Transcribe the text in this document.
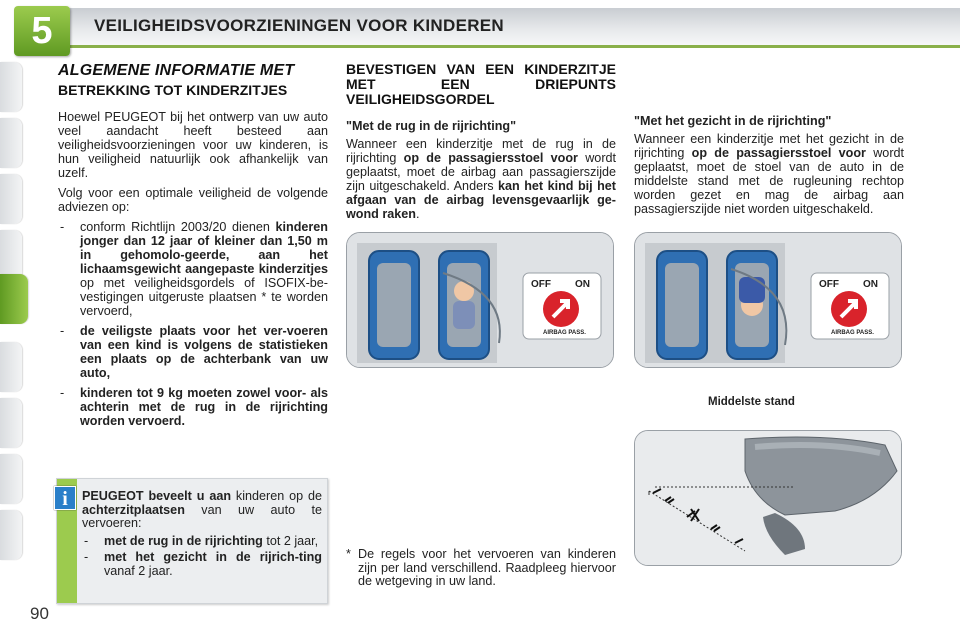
5	VEILIGHEIDSVOORZIENINGEN VOOR KINDEREN
ALGEMENE INFORMATIE MET
BETREKKING TOT KINDERZITJES

Hoewel PEUGEOT bij het ontwerp van uw auto veel aandacht heeft besteed aan veiligheidsvoorzieningen voor uw kinderen, is hun veiligheid natuurlijk ook afhankelijk van uzelf.

Volg voor een optimale veiligheid de volgende adviezen op:

-	conform Richtlijn 2003/20 dienen kinderen jonger dan 12 jaar of kleiner dan 1,50 m in gehomolo-geerde, aan het lichaamsgewicht aangepaste kinderzitjes op met veiligheidsgordels of ISOFIX-be-vestigingen uitgeruste plaatsen * te worden vervoerd,
-	de veiligste plaats voor het ver-voeren van een kind is volgens de statistieken een plaats op de achterbank van uw auto,
-	kinderen tot 9 kg moeten zowel voor- als achterin met de rug in de rijrichting worden vervoerd.
i	PEUGEOT beveelt u aan kinderen op de achterzitplaatsen van uw auto te vervoeren:

-	met de rug in de rijrichting tot 2 jaar,
-	met het gezicht in de rijrich-ting vanaf 2 jaar.
BEVESTIGEN VAN EEN KINDERZITJE MET EEN DRIEPUNTS VEILIGHEIDSGORDEL

"Met de rug in de rijrichting"

Wanneer een kinderzitje met de rug in de rijrichting op de passagiersstoel voor wordt geplaatst, moet de airbag aan passagierszijde zijn uitgeschakeld. Anders kan het kind bij het afgaan van de airbag levensgevaarlijk ge-wond raken.

"Met het gezicht in de rijrichting"

Wanneer een kinderzitje met het gezicht in de rijrichting op de passagiersstoel voor wordt geplaatst, moet de stoel van de auto in de middelste stand met de rugleuning rechtop worden gezet en mag de airbag aan passagierszijde niet worden uitgeschakeld.

OFF ON
AIRBAG PASS.
OFF ON
AIRBAG PASS.
Middelste stand
* De regels voor het vervoeren van kinderen zijn per land verschillend. Raadpleeg hiervoor de wetgeving in uw land.
90
